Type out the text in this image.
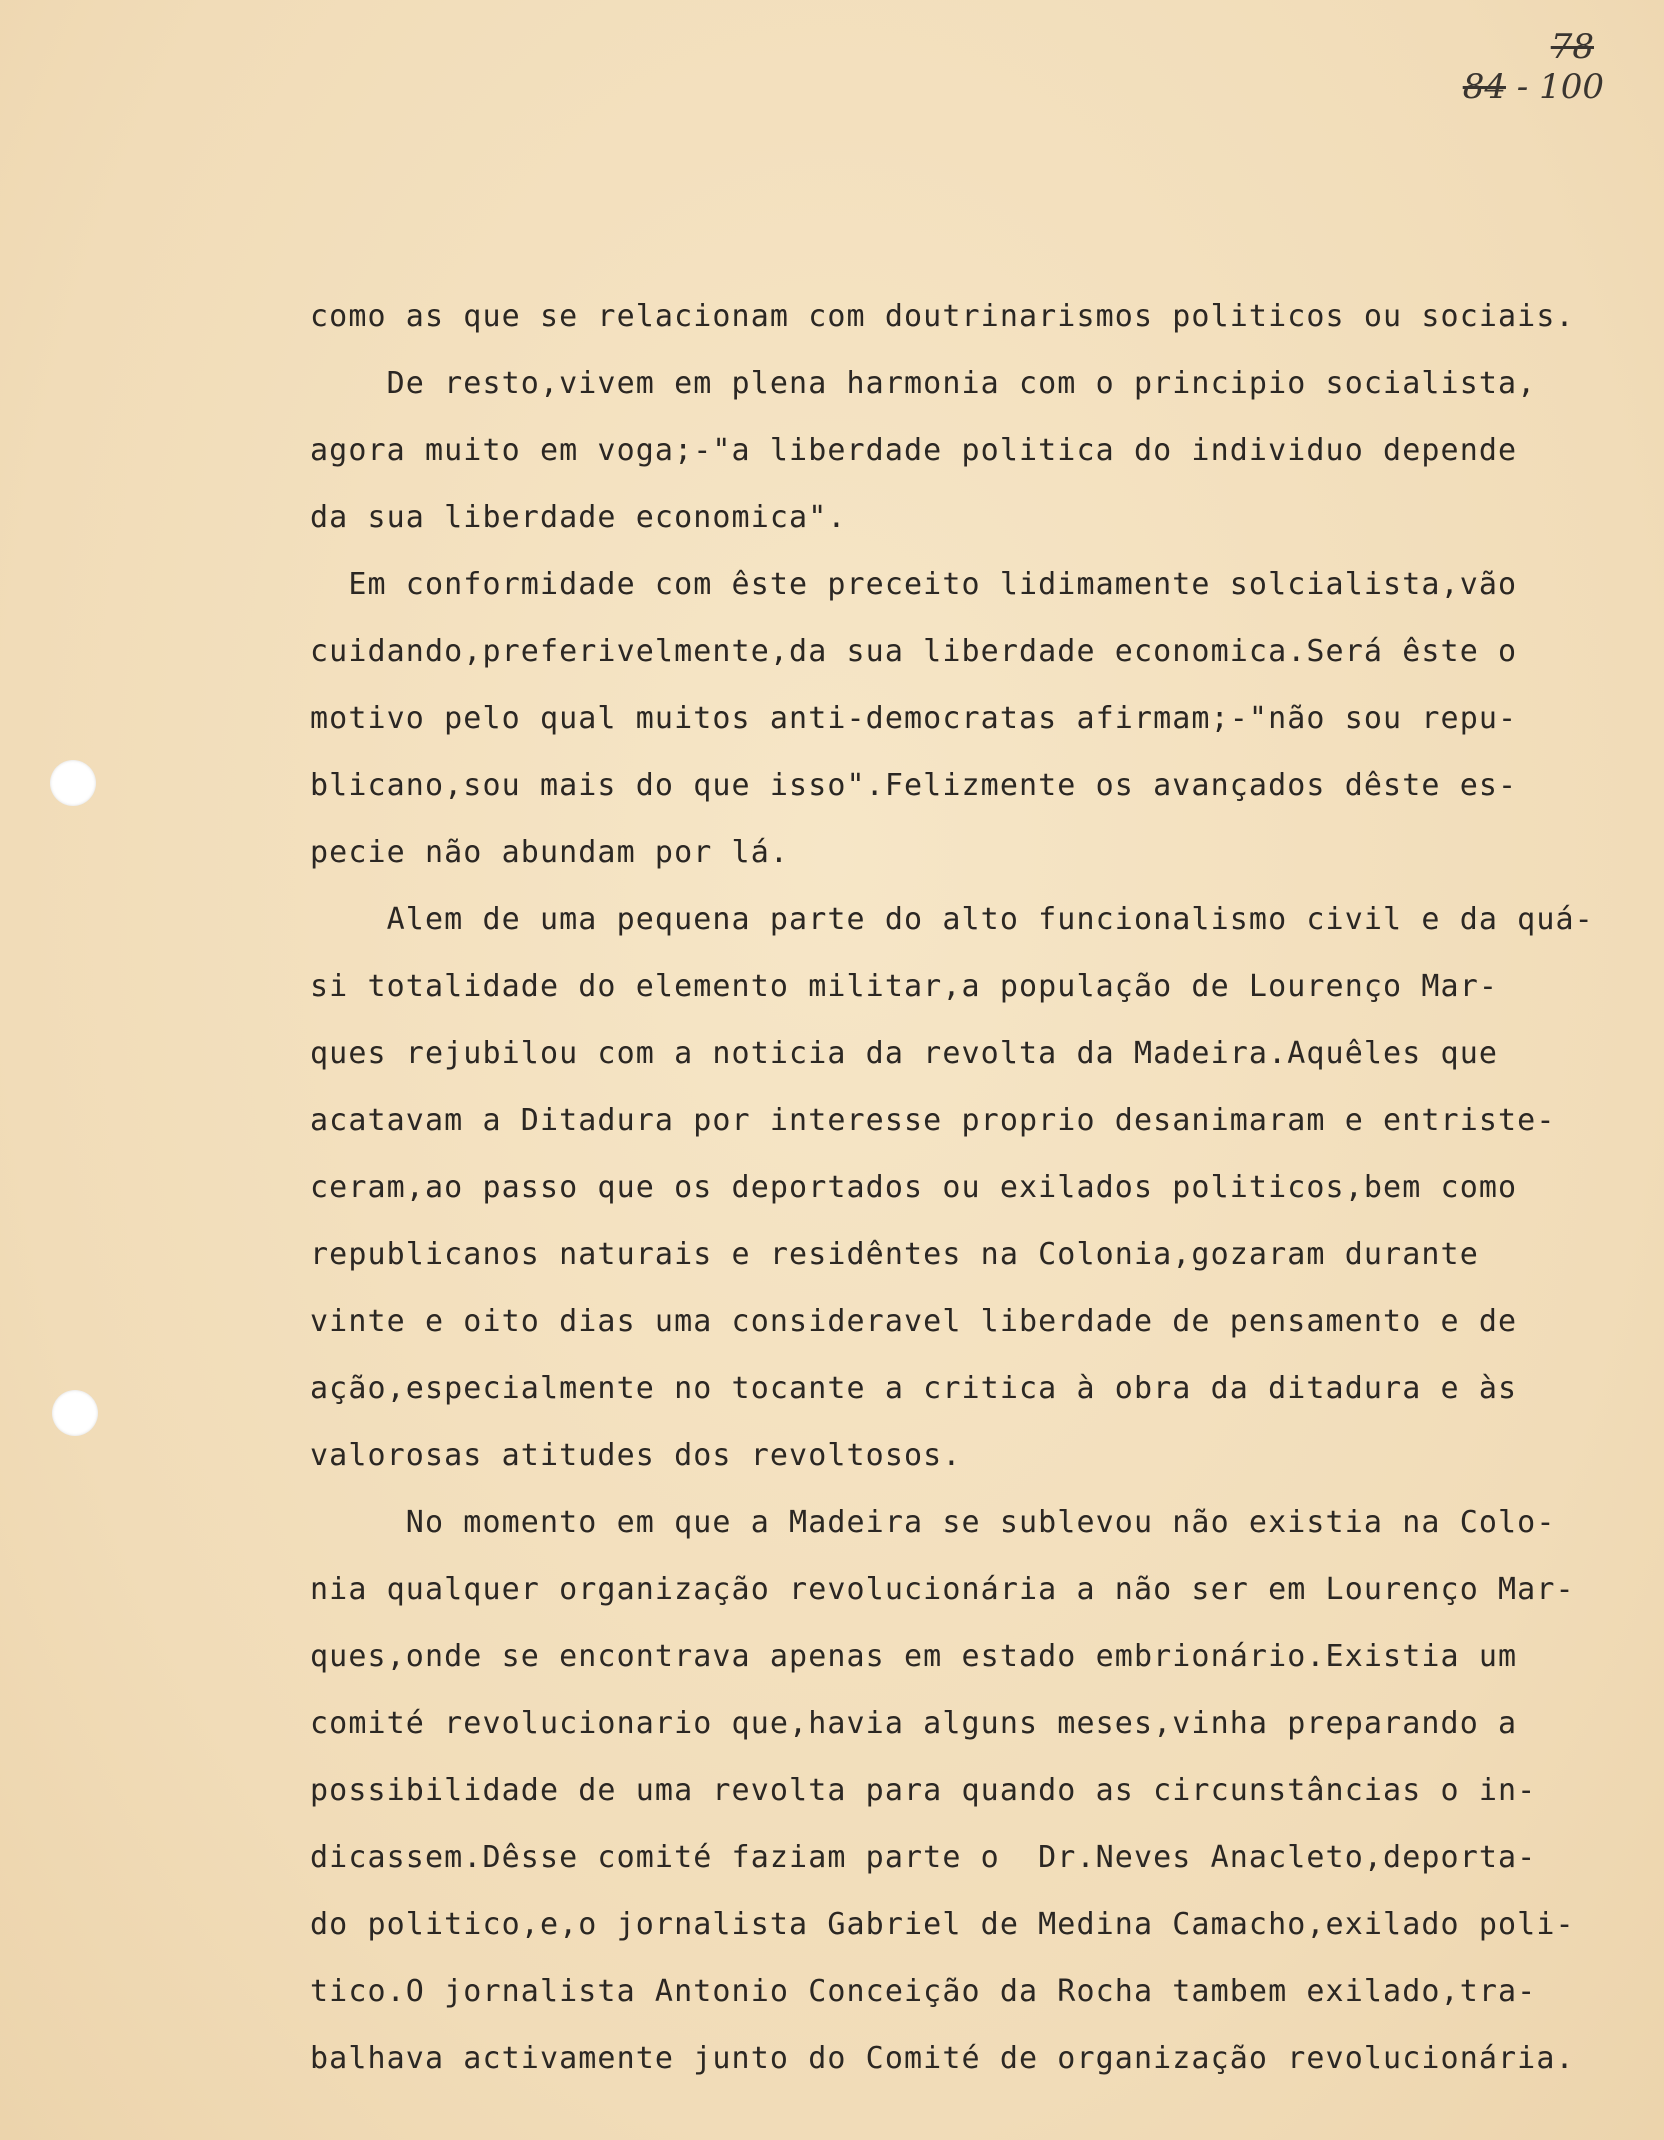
78
84 - 100
como as que se relacionam com doutrinarismos politicos ou sociais.
De resto,vivem em plena harmonia com o principio socialista,
agora muito em voga;-"a liberdade politica do individuo depende
da sua liberdade economica".
Em conformidade com êste preceito lidimamente solcialista,vão
cuidando,preferivelmente,da sua liberdade economica.Será êste o
motivo pelo qual muitos anti-democratas afirmam;-"não sou repu-
blicano,sou mais do que isso".Felizmente os avançados dêste es-
pecie não abundam por lá.
Alem de uma pequena parte do alto funcionalismo civil e da quá-
si totalidade do elemento militar,a população de Lourenço Mar-
ques rejubilou com a noticia da revolta da Madeira.Aquêles que
acatavam a Ditadura por interesse proprio desanimaram e entriste-
ceram,ao passo que os deportados ou exilados politicos,bem como
republicanos naturais e residêntes na Colonia,gozaram durante
vinte e oito dias uma consideravel liberdade de pensamento e de
ação,especialmente no tocante a critica à obra da ditadura e às
valorosas atitudes dos revoltosos.
No momento em que a Madeira se sublevou não existia na Colo-
nia qualquer organização revolucionária a não ser em Lourenço Mar-
ques,onde se encontrava apenas em estado embrionário.Existia um
comité revolucionario que,havia alguns meses,vinha preparando a
possibilidade de uma revolta para quando as circunstâncias o in-
dicassem.Dêsse comité faziam parte o  Dr.Neves Anacleto,deporta-
do politico,e,o jornalista Gabriel de Medina Camacho,exilado poli-
tico.O jornalista Antonio Conceição da Rocha tambem exilado,tra-
balhava activamente junto do Comité de organização revolucionária.
